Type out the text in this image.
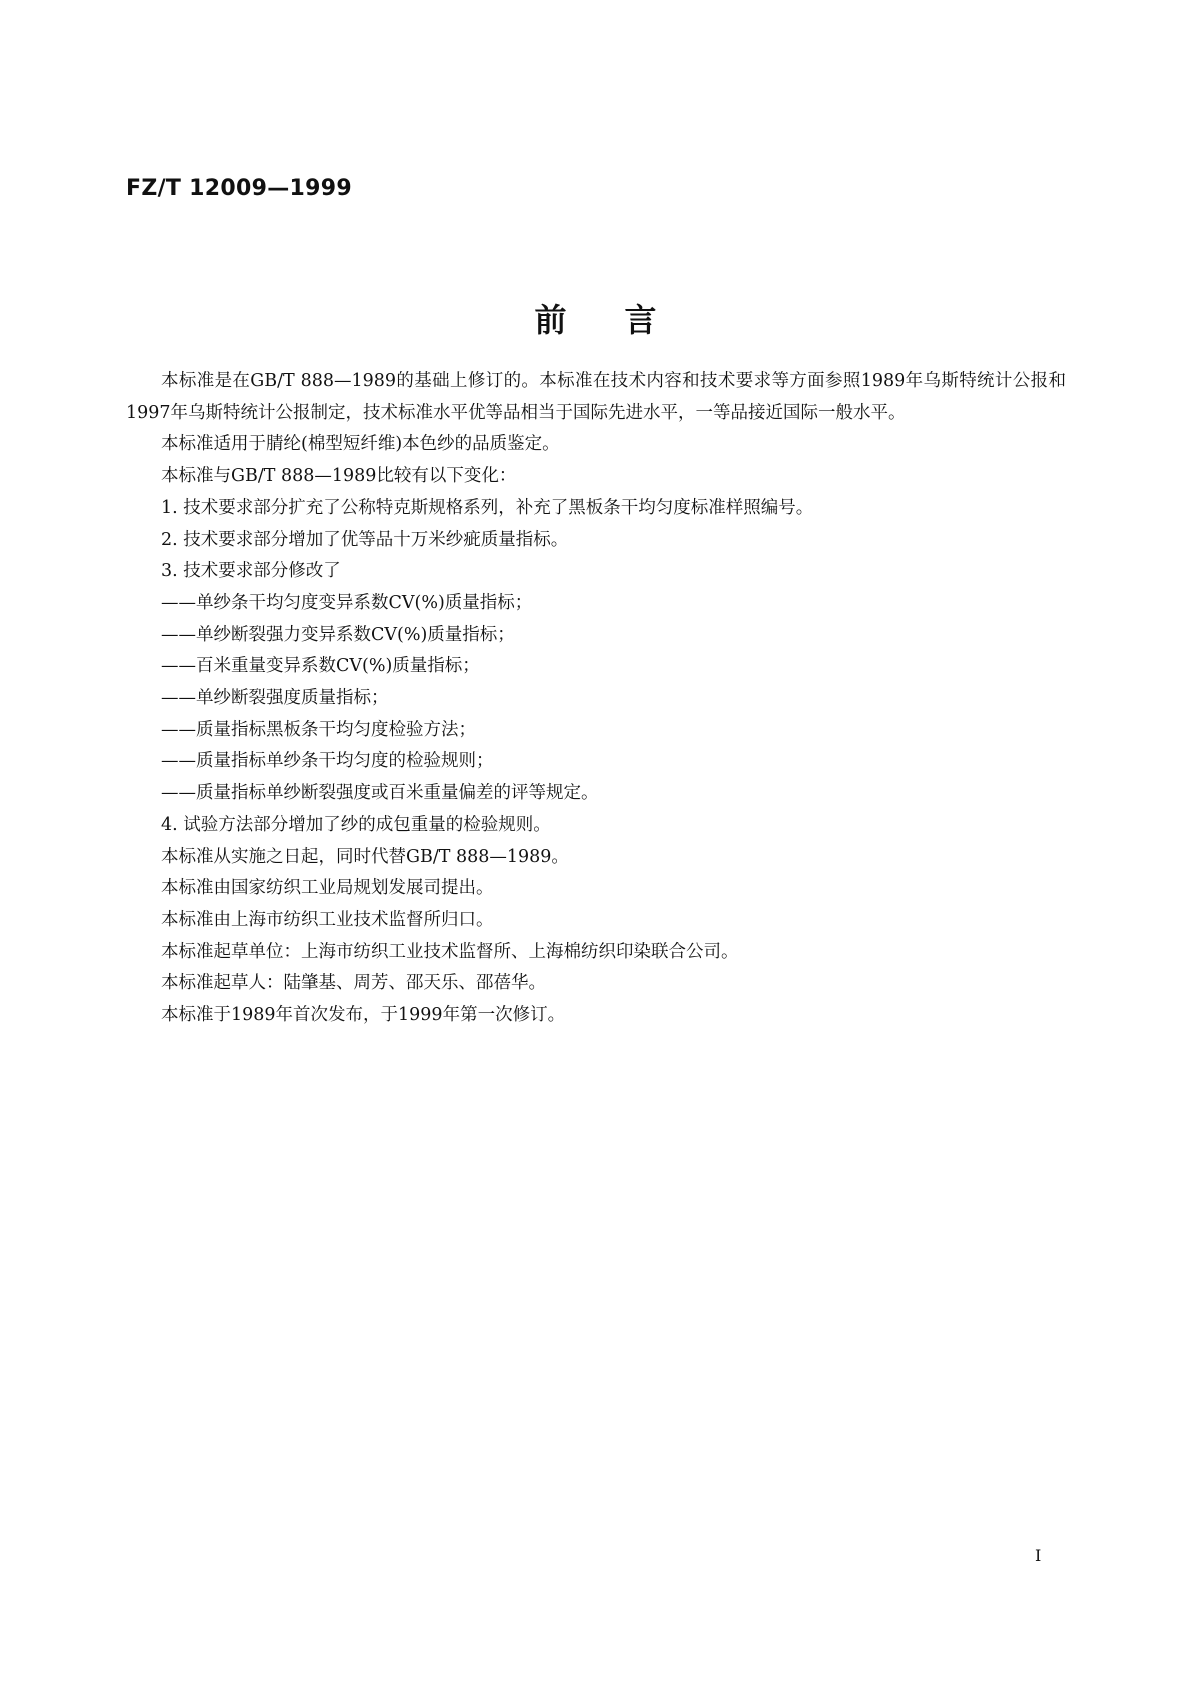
FZ/T 12009—1999

前言

本标准是在GB/T 888—1989的基础上修订的。本标准在技术内容和技术要求等方面参照1989年乌斯特统计公报和1997年乌斯特统计公报制定，技术标准水平优等品相当于国际先进水平，一等品接近国际一般水平。

本标准适用于腈纶(棉型短纤维)本色纱的品质鉴定。

本标准与GB/T 888—1989比较有以下变化：

1. 技术要求部分扩充了公称特克斯规格系列，补充了黑板条干均匀度标准样照编号。

2. 技术要求部分增加了优等品十万米纱疵质量指标。

3. 技术要求部分修改了

——单纱条干均匀度变异系数CV(%)质量指标；

——单纱断裂强力变异系数CV(%)质量指标；

——百米重量变异系数CV(%)质量指标；

——单纱断裂强度质量指标；

——质量指标黑板条干均匀度检验方法；

——质量指标单纱条干均匀度的检验规则；

——质量指标单纱断裂强度或百米重量偏差的评等规定。

4. 试验方法部分增加了纱的成包重量的检验规则。

本标准从实施之日起，同时代替GB/T 888—1989。

本标准由国家纺织工业局规划发展司提出。

本标准由上海市纺织工业技术监督所归口。

本标准起草单位：上海市纺织工业技术监督所、上海棉纺织印染联合公司。

本标准起草人：陆肇基、周芳、邵天乐、邵蓓华。

本标准于1989年首次发布，于1999年第一次修订。

I
